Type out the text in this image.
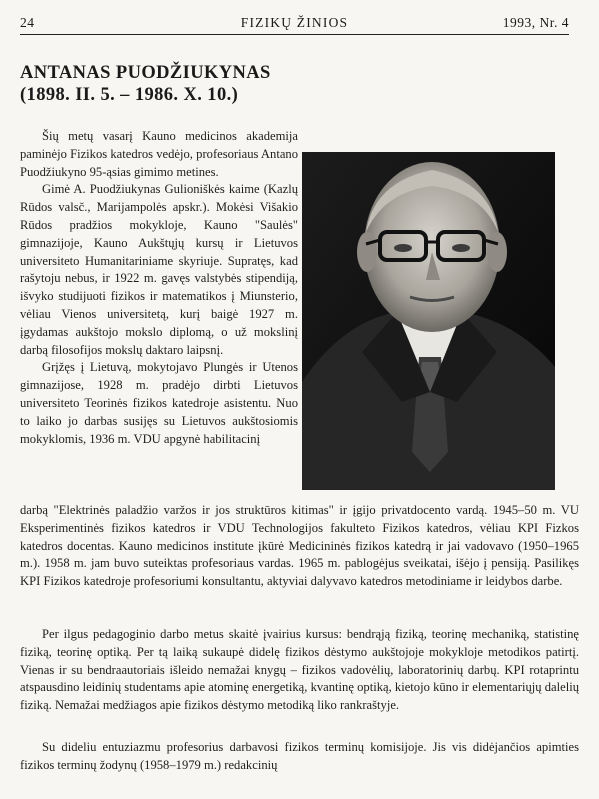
24	FIZIKŲ ŽINIOS	1993, Nr. 4
ANTANAS PUODŽIUKYNAS
(1898. II. 5. – 1986. X. 10.)

Šių metų vasarį Kauno medicinos akademija paminėjo Fizikos katedros vedėjo, profesoriaus Antano Puodžiukyno 95-ąsias gimimo metines.

Gimė A. Puodžiukynas Gulioniškės kaime (Kazlų Rūdos valsč., Marijampolės apskr.). Mokėsi Višakio Rūdos pradžios mokykloje, Kauno "Saulės" gimnazijoje, Kauno Aukštųjų kursų ir Lietuvos universiteto Humanitariniame skyriuje. Supratęs, kad rašytoju nebus, ir 1922 m. gavęs valstybės stipendiją, išvyko studijuoti fizikos ir matematikos į Miunsterio, vėliau Vienos universitetą, kurį baigė 1927 m. įgydamas aukštojo mokslo diplomą, o už mokslinį darbą filosofijos mokslų daktaro laipsnį.

Grįžęs į Lietuvą, mokytojavo Plungės ir Utenos gimnazijose, 1928 m. pradėjo dirbti Lietuvos universiteto Teorinės fizikos katedroje asistentu. Nuo to laiko jo darbas susijęs su Lietuvos aukštosiomis mokyklomis, 1936 m. VDU apgynė habilitacinį

darbą "Elektrinės paladžio varžos ir jos struktūros kitimas" ir įgijo privatdocento vardą. 1945–50 m. VU Eksperimentinės fizikos katedros ir VDU Technologijos fakulteto Fizikos katedros, vėliau KPI Fizkos katedros docentas. Kauno medicinos institute įkūrė Medicininės fizikos katedrą ir jai vadovavo (1950–1965 m.). 1958 m. jam buvo suteiktas profesoriaus vardas. 1965 m. pablogėjus sveikatai, išėjo į pensiją. Pasilikęs KPI Fizikos katedroje profesoriumi konsultantu, aktyviai dalyvavo katedros metodiniame ir leidybos darbe.

Per ilgus pedagoginio darbo metus skaitė įvairius kursus: bendrąją fiziką, teorinę mechaniką, statistinę fiziką, teorinę optiką. Per tą laiką sukaupė didelę fizikos dėstymo aukštojoje mokykloje metodikos patirtį. Vienas ir su bendraautoriais išleido nemažai knygų – fizikos vadovėlių, laboratorinių darbų. KPI rotaprintu atspausdino leidinių studentams apie atominę energetiką, kvantinę optiką, kietojo kūno ir elementariųjų dalelių fiziką. Nemažai medžiagos apie fizikos dėstymo metodiką liko rankraštyje.

Su dideliu entuziazmu profesorius darbavosi fizikos terminų komisijoje. Jis vis didėjančios apimties fizikos terminų žodynų (1958–1979 m.) redakcinių
